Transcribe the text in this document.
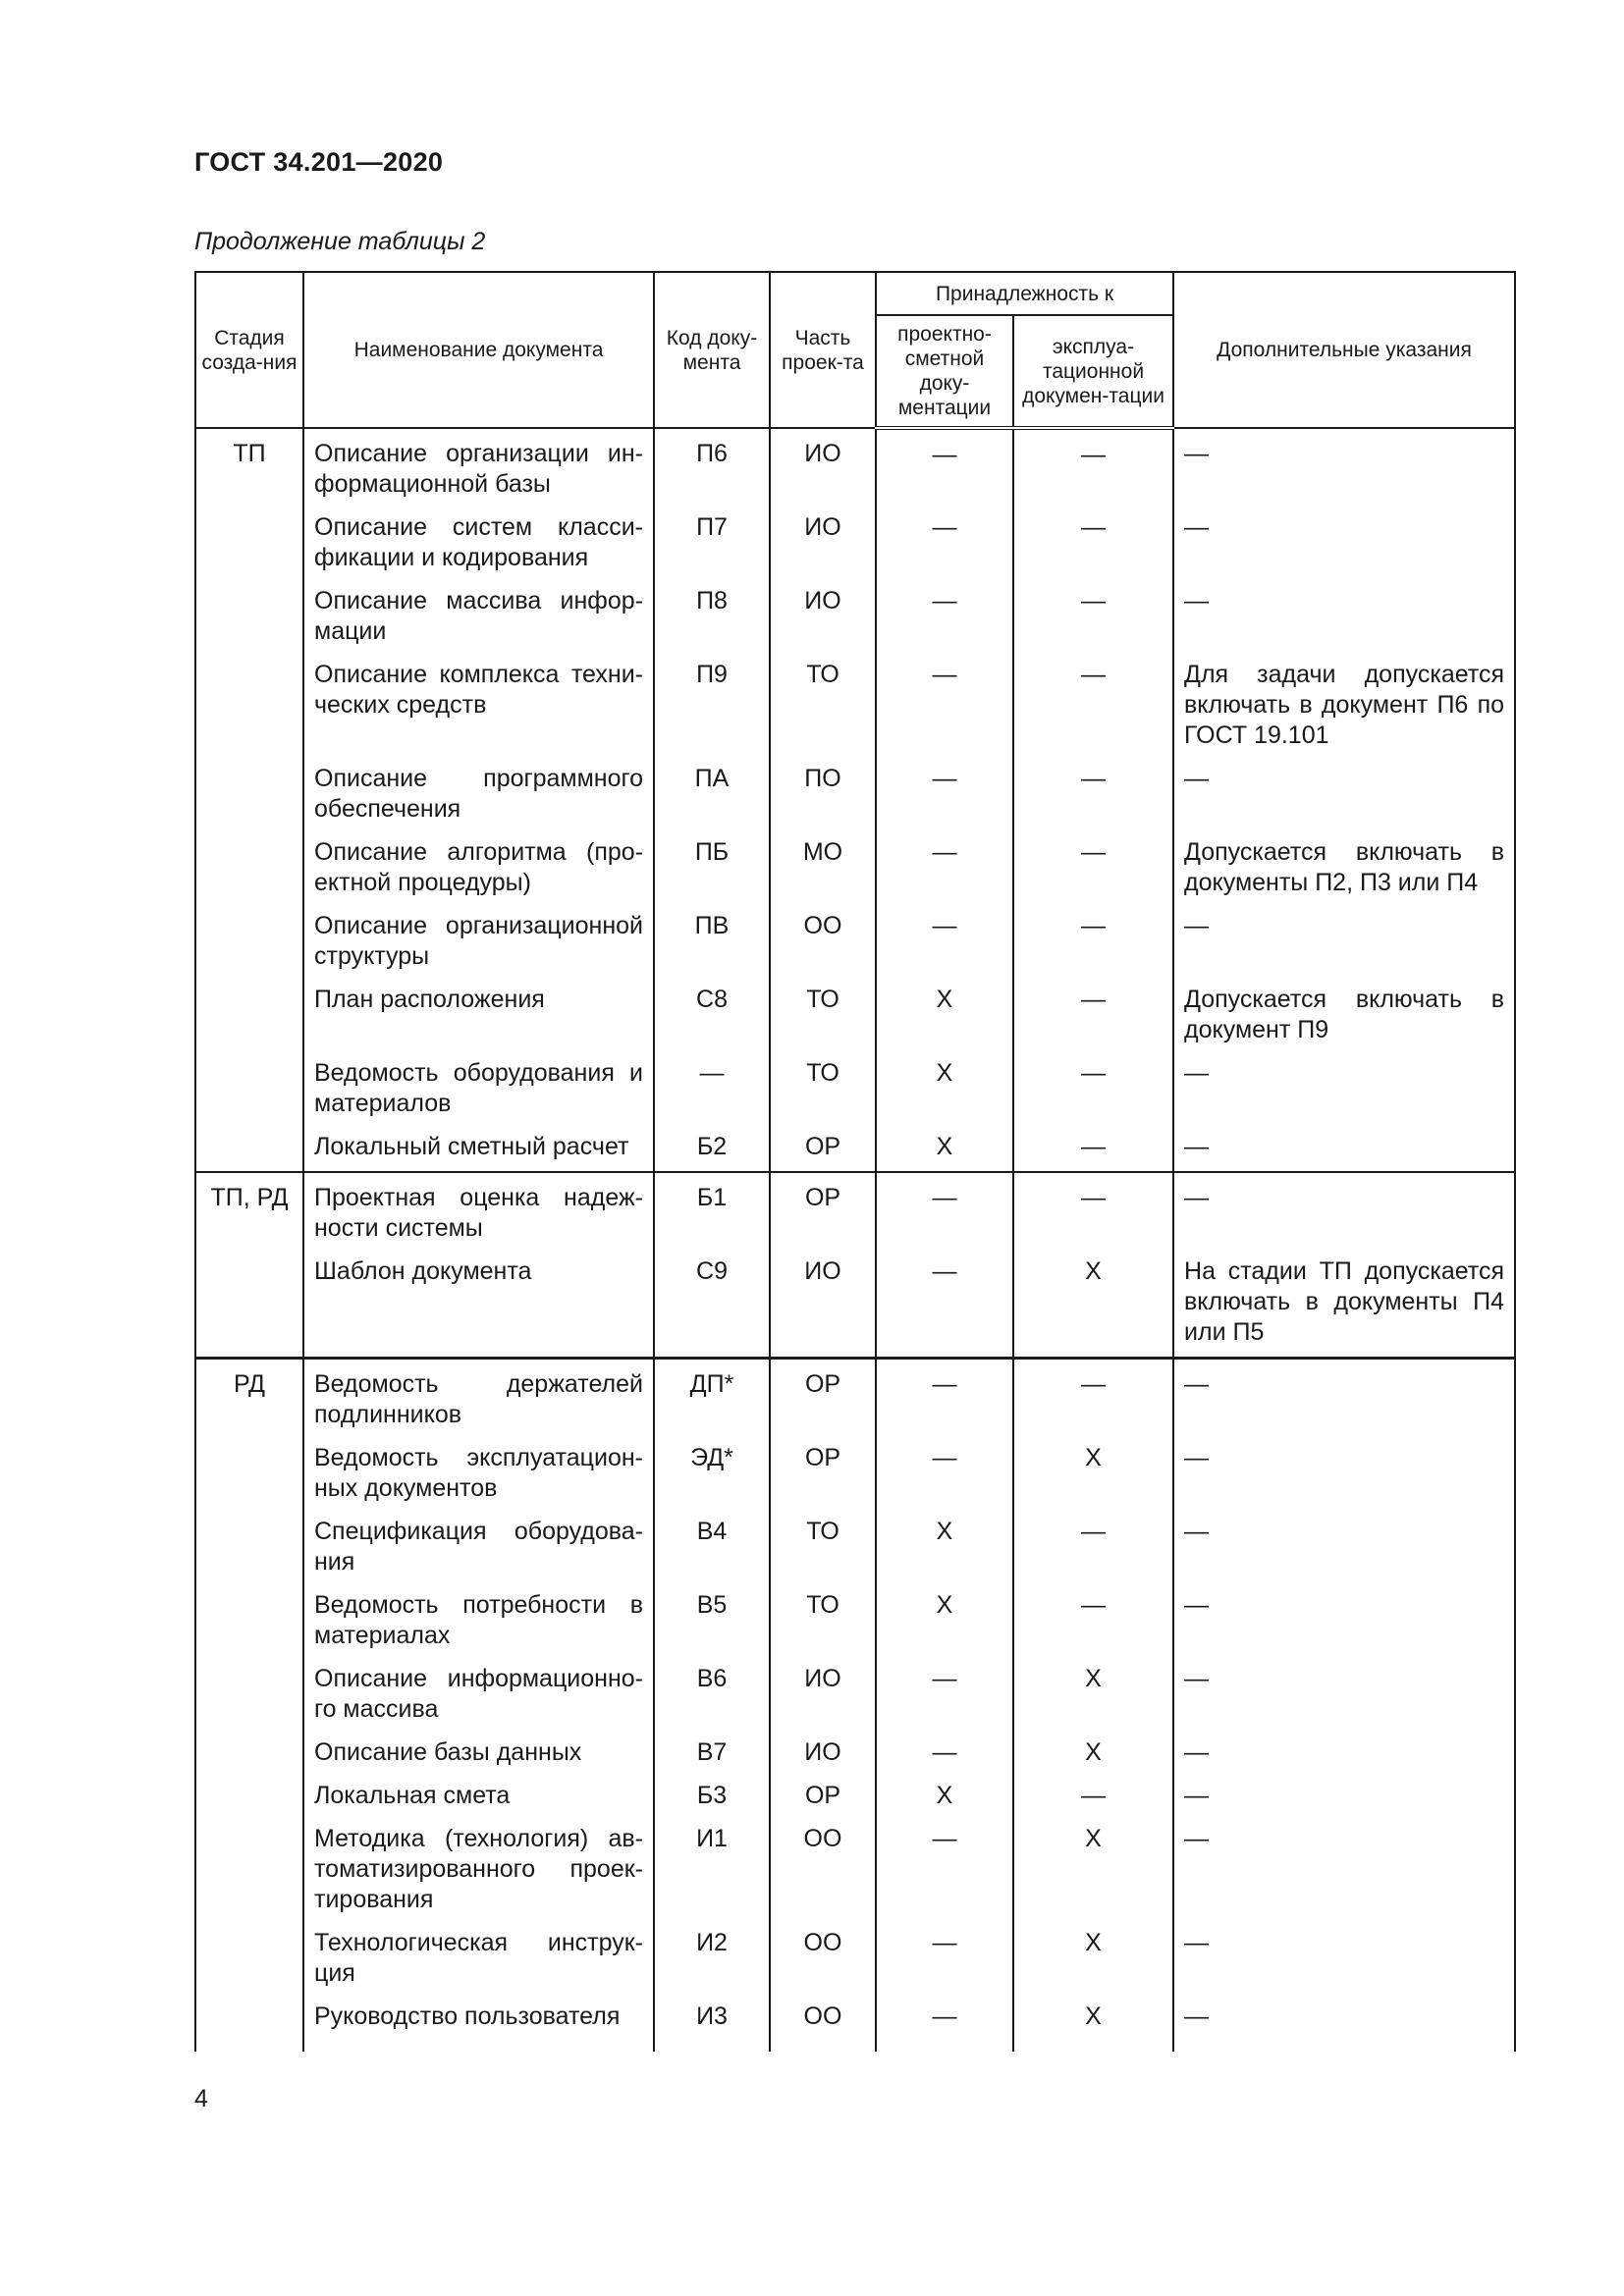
ГОСТ 34.201—2020
Продолжение таблицы 2
Стадия созда-ния	Наименование документа	Код доку-мента	Часть проек-та	Принадлежность к		Дополнительные указания
				проектно-сметной доку-ментации	эксплуа-тационной докумен-тации	
ТП	Описание организации ин-формационной базы	П6	ИО	—	—	—
	Описание систем класси-фикации и кодирования	П7	ИО	—	—	—
	Описание массива инфор-мации	П8	ИО	—	—	—
	Описание комплекса техни-ческих средств	П9	ТО	—	—	Для задачи допускается включать в документ П6 по ГОСТ 19.101
	Описание программного обеспечения	ПА	ПО	—	—	—
	Описание алгоритма (про-ектной процедуры)	ПБ	МО	—	—	Допускается включать в документы П2, П3 или П4
	Описание организационной структуры	ПВ	ОО	—	—	—
	План расположения	С8	ТО	Х	—	Допускается включать в документ П9
	Ведомость оборудования и материалов	—	ТО	Х	—	—
	Локальный сметный расчет	Б2	ОР	Х	—	—
ТП, РД	Проектная оценка надеж-ности системы	Б1	ОР	—	—	—
	Шаблон документа	С9	ИО	—	Х	На стадии ТП допускается включать в документы П4 или П5
РД	Ведомость держателей подлинников	ДП*	ОР	—	—	—
	Ведомость эксплуатацион-ных документов	ЭД*	ОР	—	Х	—
	Спецификация оборудова-ния	В4	ТО	Х	—	—
	Ведомость потребности в материалах	В5	ТО	Х	—	—
	Описание информационно-го массива	В6	ИО	—	Х	—
	Описание базы данных	В7	ИО	—	Х	—
	Локальная смета	Б3	ОР	Х	—	—
	Методика (технология) ав-томатизированного проек-тирования	И1	ОО	—	Х	—
	Технологическая инструк-ция	И2	ОО	—	Х	—
	Руководство пользователя	И3	ОО	—	Х	—
4
